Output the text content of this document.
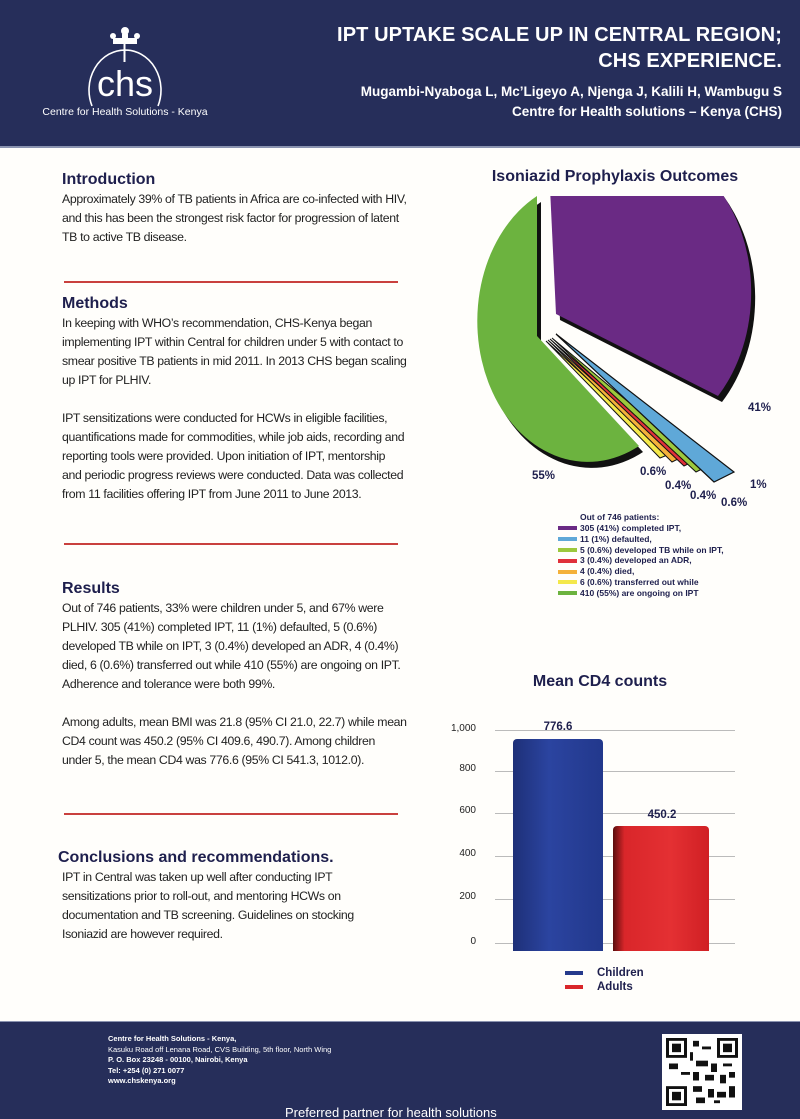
chs
Centre for Health Solutions - Kenya
IPT UPTAKE SCALE UP IN CENTRAL REGION;
CHS EXPERIENCE.
Mugambi-Nyaboga L, Mc’Ligeyo A, Njenga J, Kalili H, Wambugu S
Centre for Health solutions – Kenya (CHS)
Introduction

Approximately 39% of TB patients in Africa are co-infected with HIV, and this has been the strongest risk factor for progression of latent TB to active TB disease.

Methods

In keeping with WHO’s recommendation, CHS-Kenya began implementing IPT within Central for children under 5 with contact to smear positive TB patients in mid 2011. In 2013 CHS began scaling up IPT for PLHIV.

IPT sensitizations were conducted for HCWs in eligible facilities, quantifications made for commodities, while job aids, recording and reporting tools were provided. Upon initiation of IPT, mentorship and periodic progress reviews were conducted. Data was collected from 11 facilities offering IPT from June 2011 to June 2013.

Results

Out of 746 patients, 33% were children under 5, and 67% were PLHIV. 305 (41%) completed IPT, 11 (1%) defaulted, 5 (0.6%) developed TB while on IPT, 3 (0.4%) developed an ADR, 4 (0.4%) died, 6 (0.6%) transferred out while 410 (55%) are ongoing on IPT. Adherence and tolerance were both 99%.

Among adults, mean BMI was 21.8 (95% CI 21.0, 22.7) while mean CD4 count was 450.2 (95% CI 409.6, 490.7). Among children under 5, the mean CD4 was 776.6 (95% CI 541.3, 1012.0).

Conclusions and recommendations.

IPT in Central was taken up well after conducting IPT sensitizations prior to roll-out, and mentoring HCWs on documentation and TB screening. Guidelines on stocking Isoniazid are however required.

Isoniazid Prophylaxis Outcomes
41%
1%
0.6%
0.4%
0.4%
0.6%
55%
Out of 746 patients:
305 (41%) completed IPT,
11 (1%) defaulted,
5 (0.6%) developed TB while on IPT,
3 (0.4%) developed an ADR,
4 (0.4%) died,
6 (0.6%) transferred out while
410 (55%) are ongoing on IPT
Mean CD4 counts
1,000
800
600
400
200
0
776.6
450.2
Children
Adults
Centre for Health Solutions - Kenya,
Kasuku Road off Lenana Road, CVS Building, 5th floor, North Wing
P. O. Box 23248 - 00100, Nairobi, Kenya
Tel: +254 (0) 271 0077
www.chskenya.org
Preferred partner for health solutions
